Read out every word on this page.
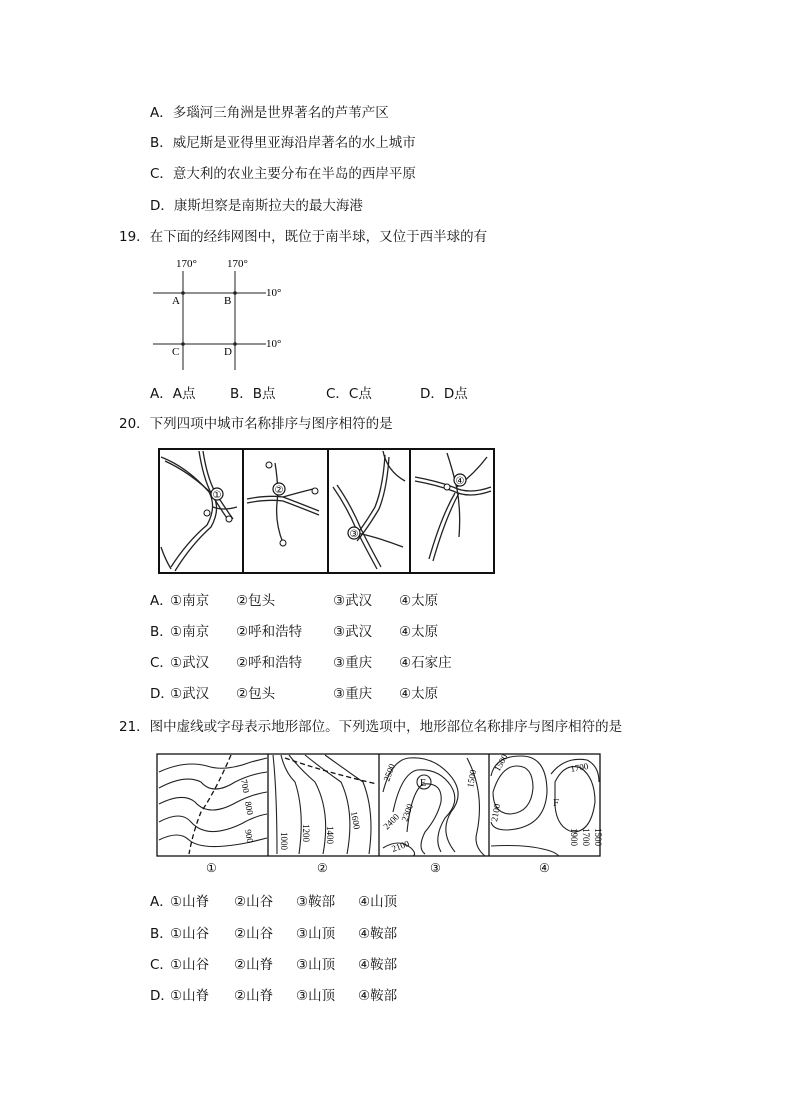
A．多瑙河三角洲是世界著名的芦苇产区
B．威尼斯是亚得里亚海沿岸著名的水上城市
C．意大利的农业主要分布在半岛的西岸平原
D．康斯坦察是南斯拉夫的最大海港
19．在下面的经纬网图中，既位于南半球，又位于西半球的有
170°	170°
10°
10°
A	B
C	D
A．A点	B．B点	C．C点	D．D点
20．下列四项中城市名称排序与图序相符的是
①	②
③
④
A．①南京 ②包头	③武汉 ④太原
B．①南京 ②呼和浩特 ③武汉 ④太原
C．①武汉 ②呼和浩特 ③重庆 ④石家庄
D．①武汉 ②包头	③重庆 ④太原
21．图中虚线或字母表示地形部位。下列选项中，地形部位名称排序与图序相符的是
700
800
900	1000 1200 1400
1600
E
2500
2400
2100
2300
1500
F
1500	1700
2100
1900 1700 1500
①	②	③	④
A．①山脊 ②山谷 ③鞍部 ④山顶
B．①山谷 ②山谷 ③山顶 ④鞍部
C．①山谷 ②山脊 ③山顶 ④鞍部
D．①山脊 ②山脊 ③山顶 ④鞍部
